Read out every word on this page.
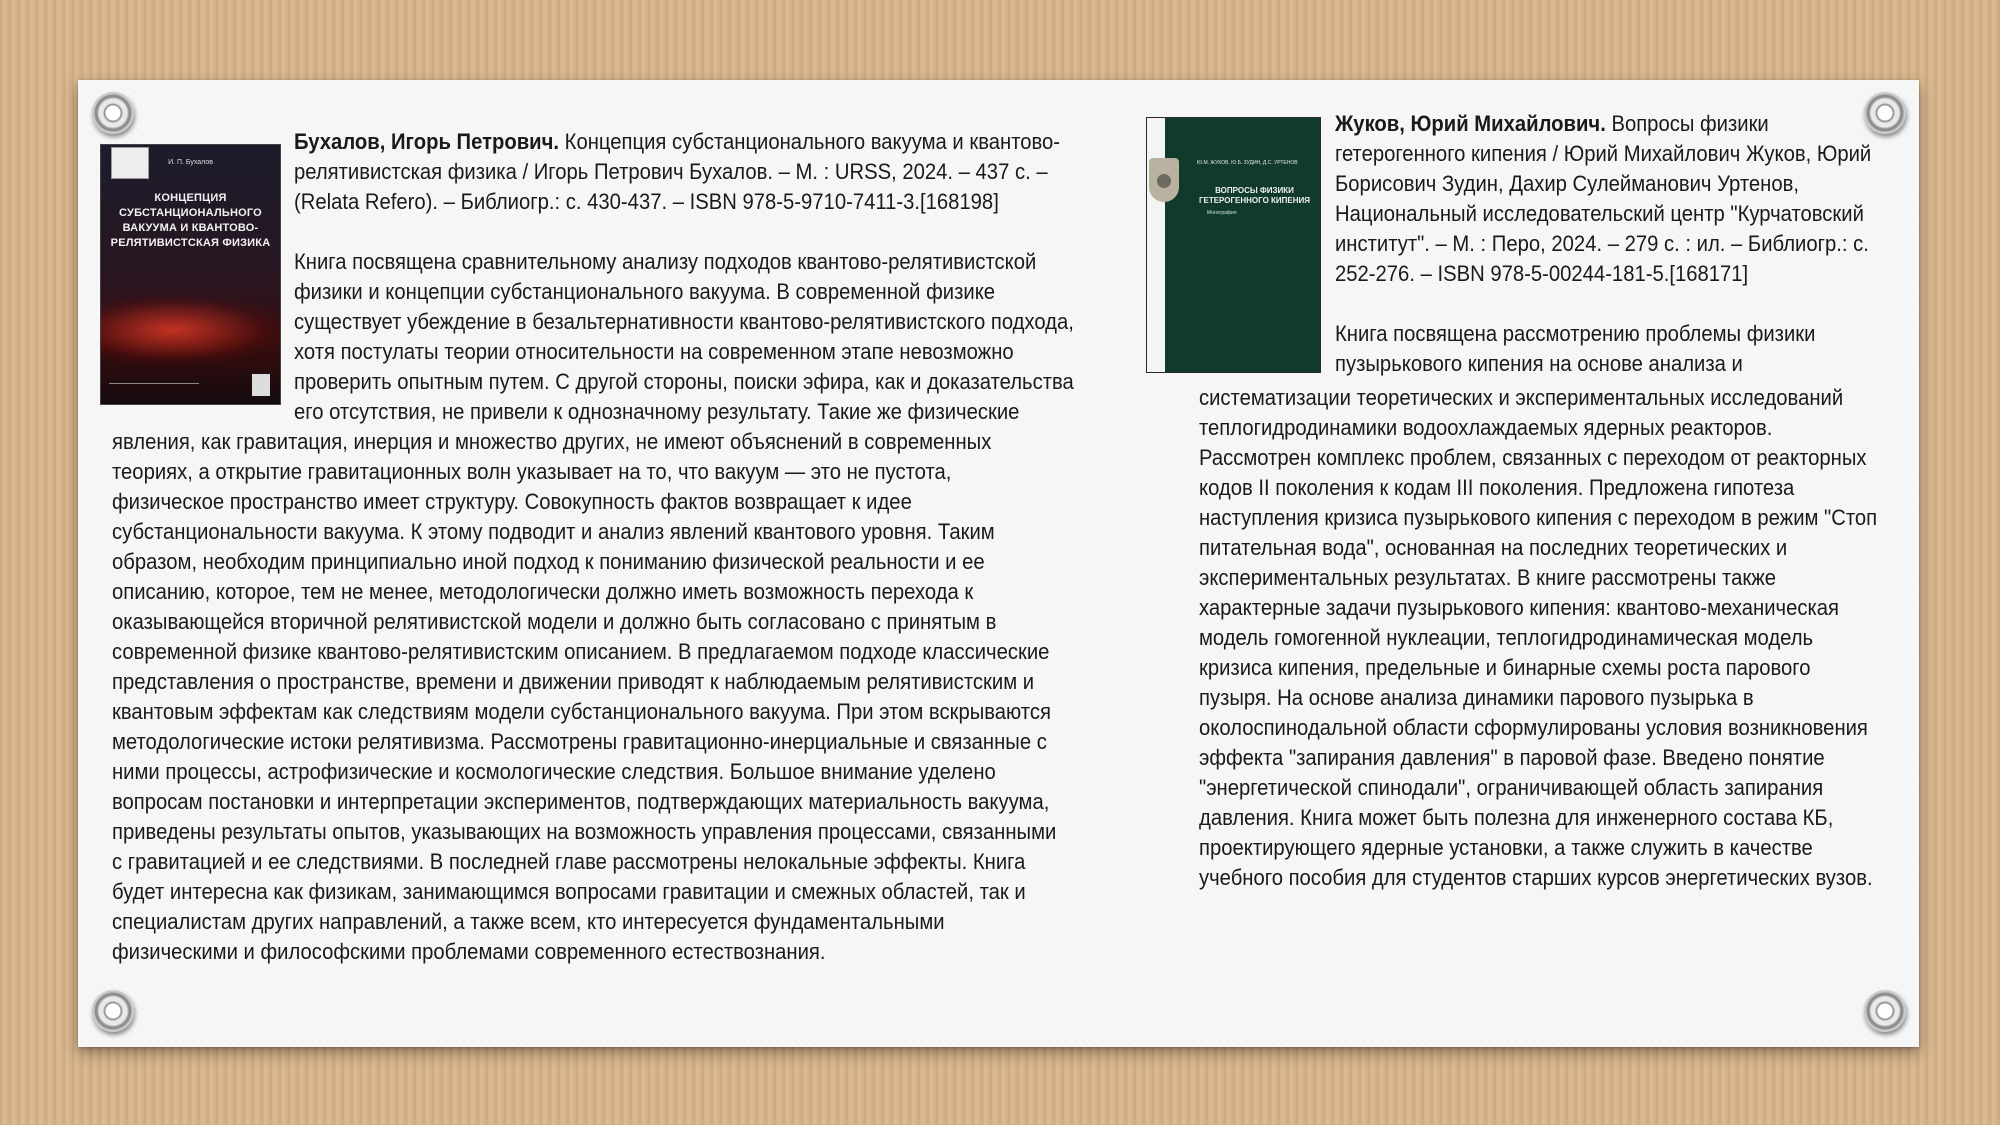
И. П. Бухалов
КОНЦЕПЦИЯ СУБСТАНЦИОНАЛЬНОГО ВАКУУМА И КВАНТОВО-РЕЛЯТИВИСТСКАЯ ФИЗИКА
Ю.М. ЖУКОВ, Ю.Б. ЗУДИН, Д.С. УРТЕНОВ
ВОПРОСЫ ФИЗИКИ ГЕТЕРОГЕННОГО КИПЕНИЯ
Монография

Бухалов, Игорь Петрович. Концепция субстанционального вакуума и квантово-

релятивистская физика / Игорь Петрович Бухалов. – М. : URSS, 2024. – 437 с. –

(Relata Refero). – Библиогр.: с. 430-437. – ISBN 978-5-9710-7411-3.[168198]

Книга посвящена сравнительному анализу подходов квантово-релятивистской

физики и концепции субстанционального вакуума. В современной физике

существует убеждение в безальтернативности квантово-релятивистского подхода,

хотя постулаты теории относительности на современном этапе невозможно

проверить опытным путем. С другой стороны, поиски эфира, как и доказательства

его отсутствия, не привели к однозначному результату. Такие же физические

явления, как гравитация, инерция и множество других, не имеют объяснений в современных

теориях, а открытие гравитационных волн указывает на то, что вакуум — это не пустота,

физическое пространство имеет структуру. Совокупность фактов возвращает к идее

субстанциональности вакуума. К этому подводит и анализ явлений квантового уровня. Таким

образом, необходим принципиально иной подход к пониманию физической реальности и ее

описанию, которое, тем не менее, методологически должно иметь возможность перехода к

оказывающейся вторичной релятивистской модели и должно быть согласовано с принятым в

современной физике квантово-релятивистским описанием. В предлагаемом подходе классические

представления о пространстве, времени и движении приводят к наблюдаемым релятивистским и

квантовым эффектам как следствиям модели субстанционального вакуума. При этом вскрываются

методологические истоки релятивизма. Рассмотрены гравитационно-инерциальные и связанные с

ними процессы, астрофизические и космологические следствия. Большое внимание уделено

вопросам постановки и интерпретации экспериментов, подтверждающих материальность вакуума,

приведены результаты опытов, указывающих на возможность управления процессами, связанными

с гравитацией и ее следствиями. В последней главе рассмотрены нелокальные эффекты. Книга

будет интересна как физикам, занимающимся вопросами гравитации и смежных областей, так и

специалистам других направлений, а также всем, кто интересуется фундаментальными

физическими и философскими проблемами современного естествознания.

Жуков, Юрий Михайлович. Вопросы физики

гетерогенного кипения / Юрий Михайлович Жуков, Юрий

Борисович Зудин, Дахир Сулейманович Уртенов,

Национальный исследовательский центр "Курчатовский

институт". – М. : Перо, 2024. – 279 с. : ил. – Библиогр.: с.

252-276. – ISBN 978-5-00244-181-5.[168171]

Книга посвящена рассмотрению проблемы физики

пузырькового кипения на основе анализа и

систематизации теоретических и экспериментальных исследований

теплогидродинамики водоохлаждаемых ядерных реакторов.

Рассмотрен комплекс проблем, связанных с переходом от реакторных

кодов II поколения к кодам III поколения. Предложена гипотеза

наступления кризиса пузырькового кипения с переходом в режим "Стоп

питательная вода", основанная на последних теоретических и

экспериментальных результатах. В книге рассмотрены также

характерные задачи пузырькового кипения: квантово-механическая

модель гомогенной нуклеации, теплогидродинамическая модель

кризиса кипения, предельные и бинарные схемы роста парового

пузыря. На основе анализа динамики парового пузырька в

околоспинодальной области сформулированы условия возникновения

эффекта "запирания давления" в паровой фазе. Введено понятие

"энергетической спинодали", ограничивающей область запирания

давления. Книга может быть полезна для инженерного состава КБ,

проектирующего ядерные установки, а также служить в качестве

учебного пособия для студентов старших курсов энергетических вузов.
